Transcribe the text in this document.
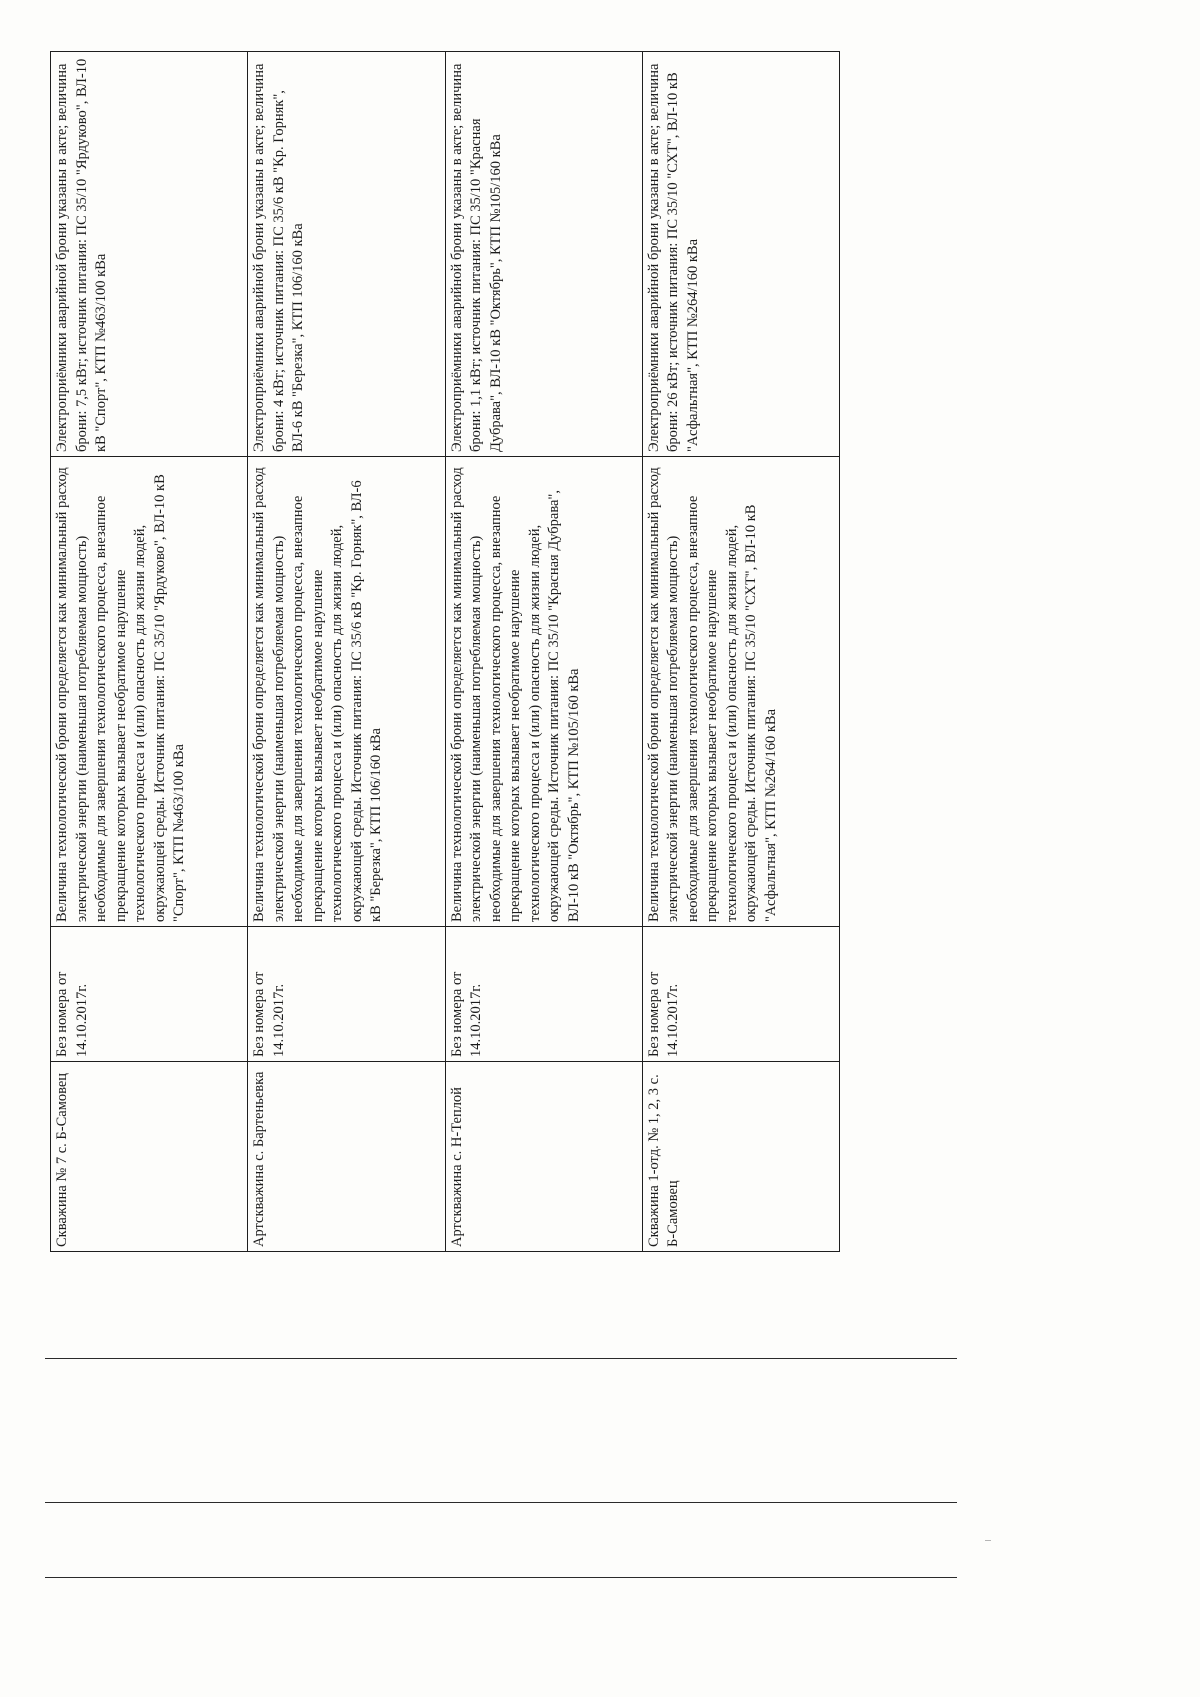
Скважина № 7 с. Б-Самовец	Без номера от 14.10.2017г.	Величина технологической брони определяется как минимальный расход электрической энергии (наименьшая потребляемая мощность) необходимые для завершения технологического процесса, внезапное прекращение которых вызывает необратимое нарушение технологического процесса и (или) опасность для жизни людей, окружающей среды. Источник питания: ПС 35/10 "Ярдуково", ВЛ-10 кВ "Спорт", КТП №463/100 кВа	Электроприёмники аварийной брони указаны в акте; величина брони: 7,5 кВт; источник питания: ПС 35/10 "Ярдуково", ВЛ-10 кВ "Спорт", КТП №463/100 кВа
Артскважина с. Бартеньевка	Без номера от 14.10.2017г.	Величина технологической брони определяется как минимальный расход электрической энергии (наименьшая потребляемая мощность) необходимые для завершения технологического процесса, внезапное прекращение которых вызывает необратимое нарушение технологического процесса и (или) опасность для жизни людей, окружающей среды. Источник питания: ПС 35/6 кВ "Кр. Горняк", ВЛ-6 кВ "Березка", КТП 106/160 кВа	Электроприёмники аварийной брони указаны в акте; величина брони: 4 кВт; источник питания: ПС 35/6 кВ "Кр. Горняк", ВЛ-6 кВ "Березка", КТП 106/160 кВа
Артскважина с. Н-Теплой	Без номера от 14.10.2017г.	Величина технологической брони определяется как минимальный расход электрической энергии (наименьшая потребляемая мощность) необходимые для завершения технологического процесса, внезапное прекращение которых вызывает необратимое нарушение технологического процесса и (или) опасность для жизни людей, окружающей среды. Источник питания: ПС 35/10 "Красная Дубрава", ВЛ-10 кВ "Октябрь", КТП №105/160 кВа	Электроприёмники аварийной брони указаны в акте; величина брони: 1,1 кВт; источник питания: ПС 35/10 "Красная Дубрава", ВЛ-10 кВ "Октябрь", КТП №105/160 кВа
Скважина 1-отд. № 1, 2, 3 с. Б-Самовец	Без номера от 14.10.2017г.	Величина технологической брони определяется как минимальный расход электрической энергии (наименьшая потребляемая мощность) необходимые для завершения технологического процесса, внезапное прекращение которых вызывает необратимое нарушение технологического процесса и (или) опасность для жизни людей, окружающей среды. Источник питания: ПС 35/10 "СХТ", ВЛ-10 кВ "Асфальтная", КТП №264/160 кВа	Электроприёмники аварийной брони указаны в акте; величина брони: 26 кВт; источник питания: ПС 35/10 "СХТ", ВЛ-10 кВ "Асфальтная", КТП №264/160 кВа
